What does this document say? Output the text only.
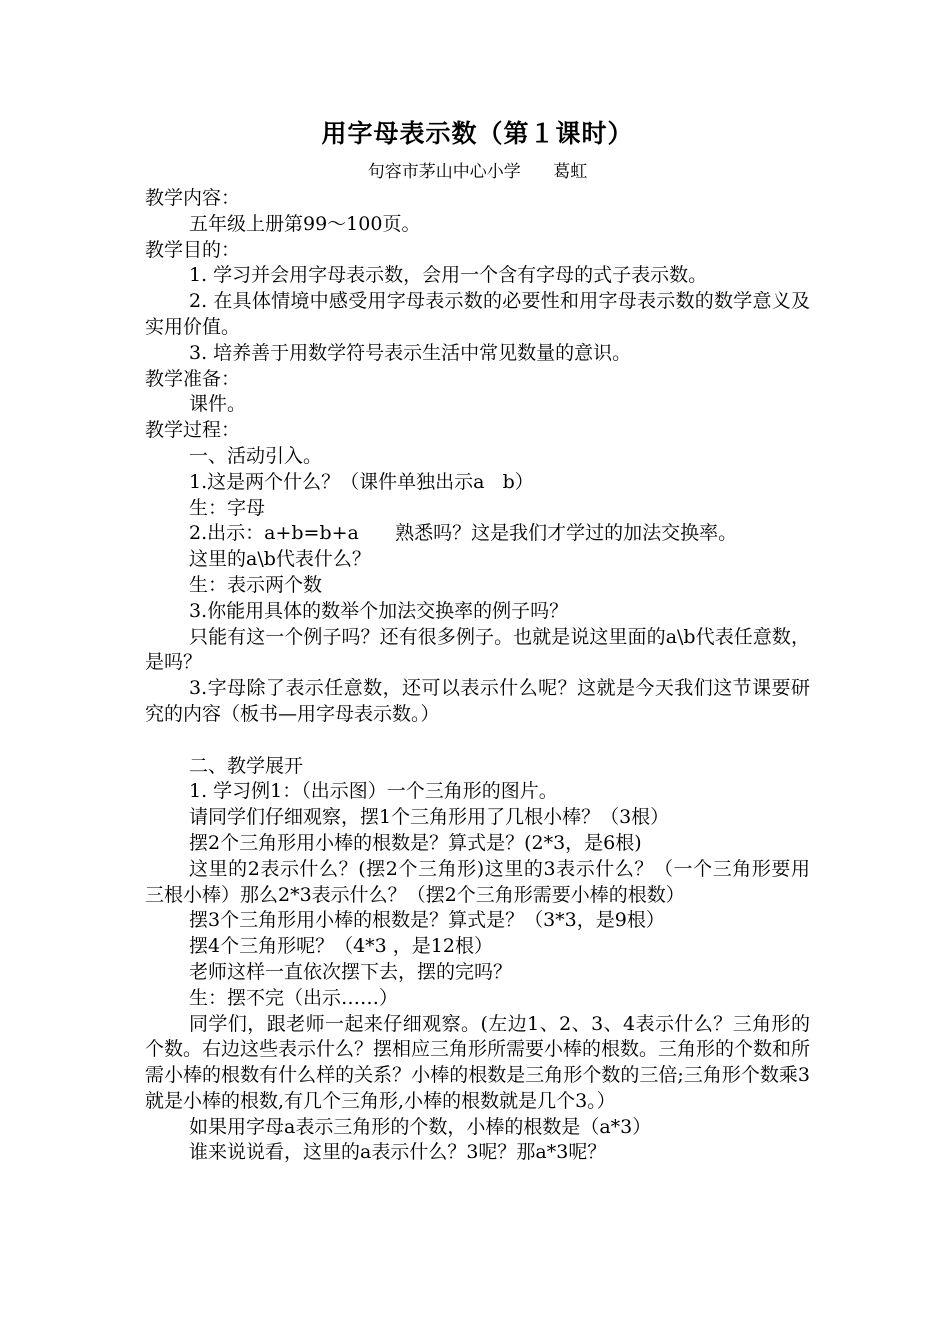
用字母表示数（第１课时）
句容市茅山中心小学      葛虹
教学内容：
五年级上册第99～100页。
教学目的：
1. 学习并会用字母表示数，会用一个含有字母的式子表示数。
2. 在具体情境中感受用字母表示数的必要性和用字母表示数的数学意义及实用价值。
3. 培养善于用数学符号表示生活中常见数量的意识。
教学准备：
课件。
教学过程：
一、活动引入。
1.这是两个什么？（课件单独出示a   b）
生：字母
2.出示：a+b=b+a      熟悉吗？这是我们才学过的加法交换率。
这里的a\b代表什么？
生：表示两个数
3.你能用具体的数举个加法交换率的例子吗？
只能有这一个例子吗？还有很多例子。也就是说这里面的a\b代表任意数，是吗？
3.字母除了表示任意数，还可以表示什么呢？这就是今天我们这节课要研究的内容（板书—用字母表示数。）
二、教学展开
1. 学习例1：（出示图）一个三角形的图片。
请同学们仔细观察，摆1个三角形用了几根小棒？（3根）
摆2个三角形用小棒的根数是？算式是？(2*3，是6根)
这里的2表示什么？(摆2个三角形)这里的3表示什么？（一个三角形要用三根小棒）那么2*3表示什么？（摆2个三角形需要小棒的根数）
摆3个三角形用小棒的根数是？算式是？（3*3，是9根）
摆4个三角形呢？（4*3 ，是12根）
老师这样一直依次摆下去，摆的完吗？
生：摆不完（出示……）
同学们，跟老师一起来仔细观察。(左边1、2、3、4表示什么？三角形的个数。右边这些表示什么？摆相应三角形所需要小棒的根数。三角形的个数和所需小棒的根数有什么样的关系？小棒的根数是三角形个数的三倍;三角形个数乘3就是小棒的根数,有几个三角形,小棒的根数就是几个3。）
如果用字母a表示三角形的个数，小棒的根数是（a*3）
谁来说说看，这里的a表示什么？3呢？那a*3呢？
